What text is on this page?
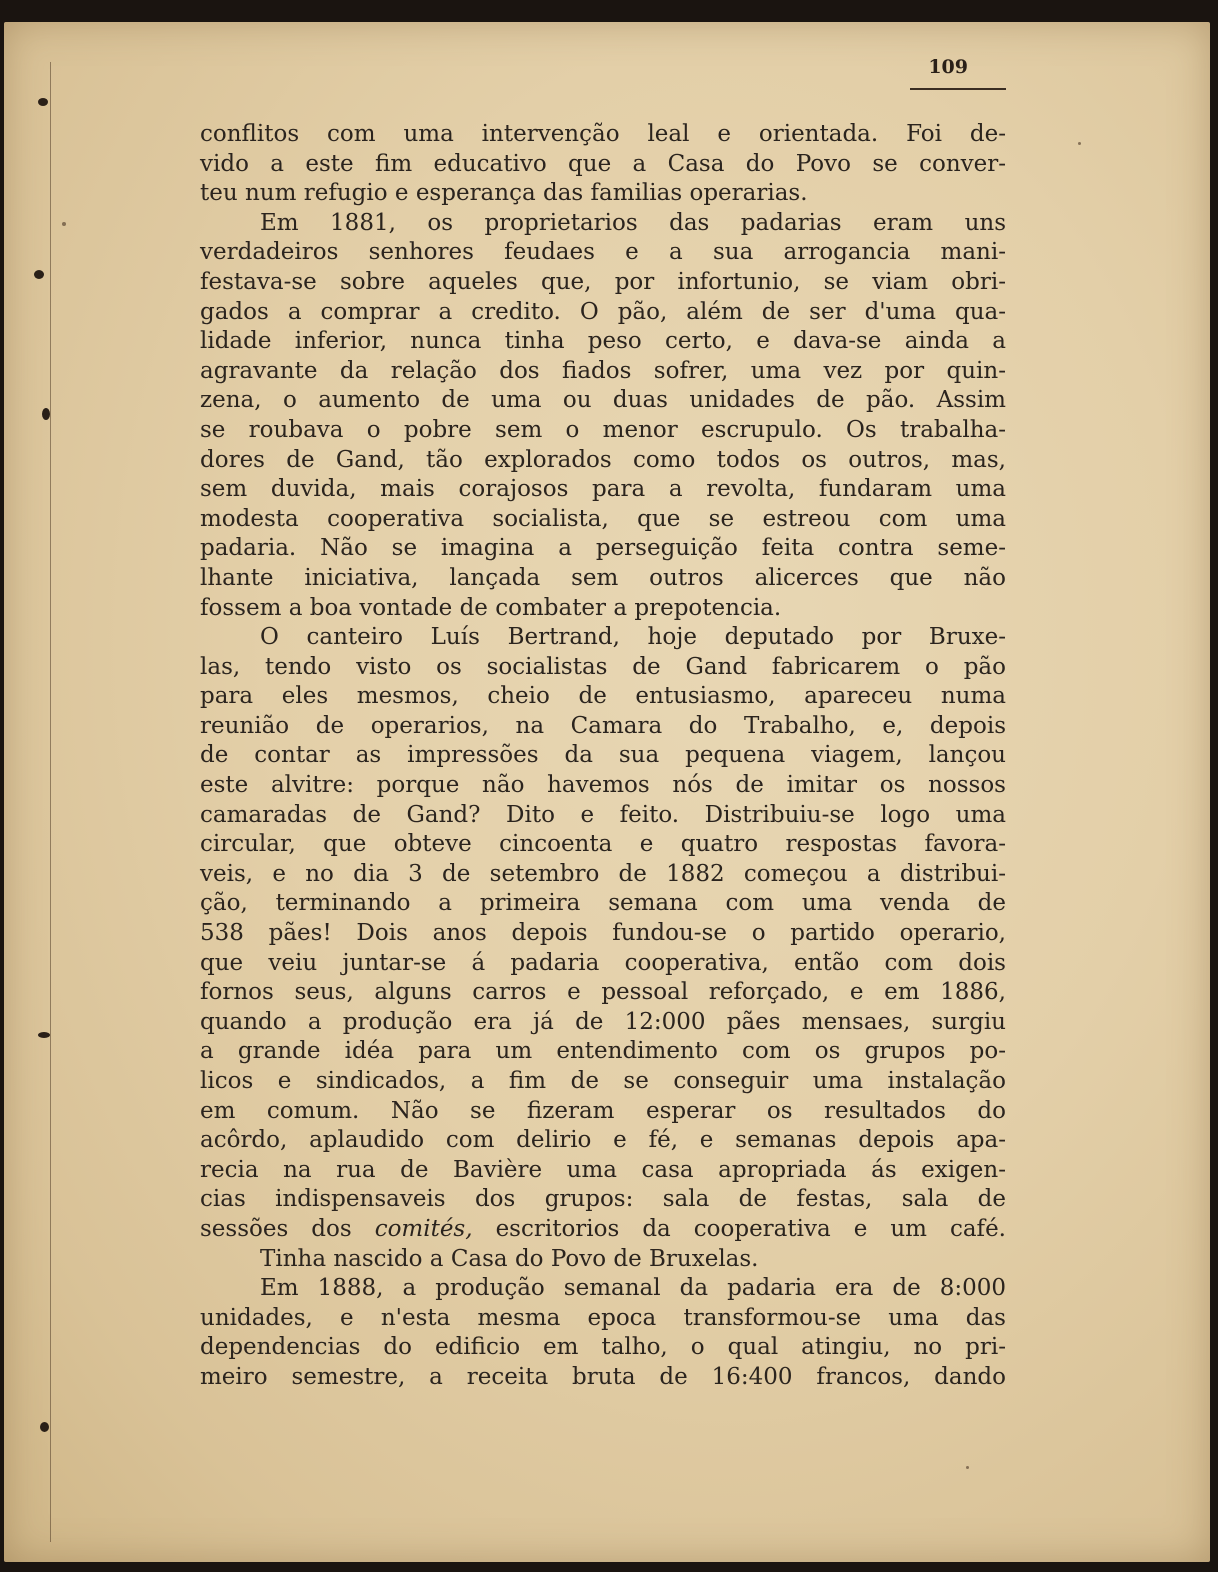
109
conflitos com uma intervenção leal e orientada. Foi de-
vido a este fim educativo que a Casa do Povo se conver-
teu num refugio e esperança das familias operarias.
Em 1881, os proprietarios das padarias eram uns
verdadeiros senhores feudaes e a sua arrogancia mani-
festava-se sobre aqueles que, por infortunio, se viam obri-
gados a comprar a credito. O pão, além de ser d'uma qua-
lidade inferior, nunca tinha peso certo, e dava-se ainda a
agravante da relação dos fiados sofrer, uma vez por quin-
zena, o aumento de uma ou duas unidades de pão. Assim
se roubava o pobre sem o menor escrupulo. Os trabalha-
dores de Gand, tão explorados como todos os outros, mas,
sem duvida, mais corajosos para a revolta, fundaram uma
modesta cooperativa socialista, que se estreou com uma
padaria. Não se imagina a perseguição feita contra seme-
lhante iniciativa, lançada sem outros alicerces que não
fossem a boa vontade de combater a prepotencia.
O canteiro Luís Bertrand, hoje deputado por Bruxe-
las, tendo visto os socialistas de Gand fabricarem o pão
para eles mesmos, cheio de entusiasmo, apareceu numa
reunião de operarios, na Camara do Trabalho, e, depois
de contar as impressões da sua pequena viagem, lançou
este alvitre: porque não havemos nós de imitar os nossos
camaradas de Gand? Dito e feito. Distribuiu-se logo uma
circular, que obteve cincoenta e quatro respostas favora-
veis, e no dia 3 de setembro de 1882 começou a distribui-
ção, terminando a primeira semana com uma venda de
538 pães! Dois anos depois fundou-se o partido operario,
que veiu juntar-se á padaria cooperativa, então com dois
fornos seus, alguns carros e pessoal reforçado, e em 1886,
quando a produção era já de 12:000 pães mensaes, surgiu
a grande idéa para um entendimento com os grupos po-
licos e sindicados, a fim de se conseguir uma instalação
em comum. Não se fizeram esperar os resultados do
acôrdo, aplaudido com delirio e fé, e semanas depois apa-
recia na rua de Bavière uma casa apropriada ás exigen-
cias indispensaveis dos grupos: sala de festas, sala de
sessões dos comités, escritorios da cooperativa e um café.
Tinha nascido a Casa do Povo de Bruxelas.
Em 1888, a produção semanal da padaria era de 8:000
unidades, e n'esta mesma epoca transformou-se uma das
dependencias do edificio em talho, o qual atingiu, no pri-
meiro semestre, a receita bruta de 16:400 francos, dando
